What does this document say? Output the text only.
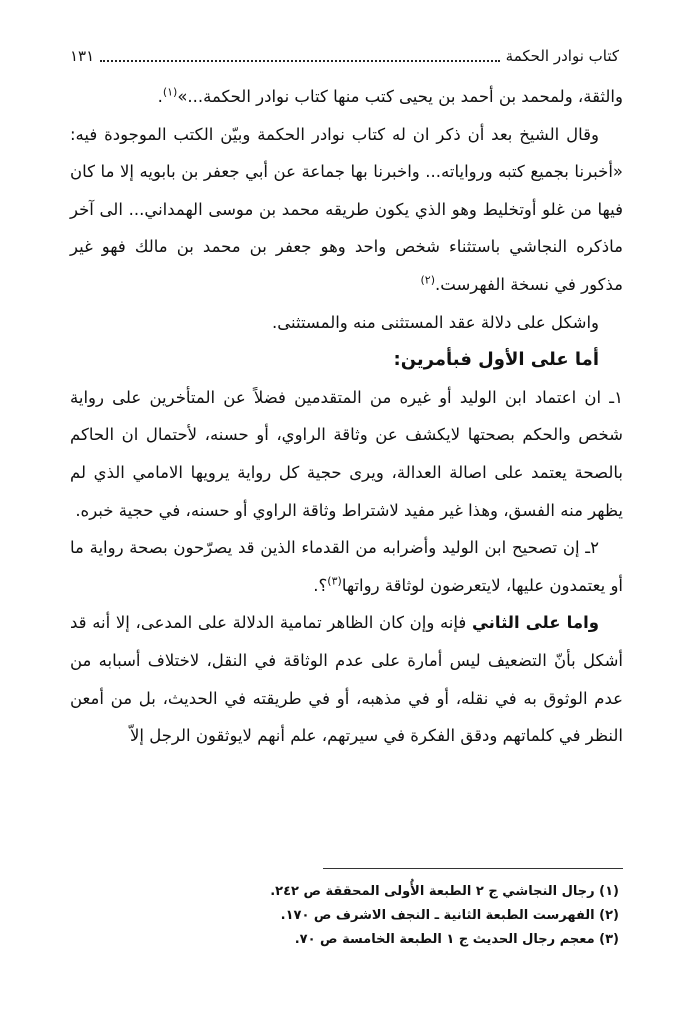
كتاب نوادر الحكمة
١٣١

والثقة، ولمحمد بن أحمد بن يحيى كتب منها كتاب نوادر الحكمة...»$^{(١)}$.

وقال الشيخ بعد أن ذكر ان له كتاب نوادر الحكمة وبيّن الكتب الموجودة فيه: «أخبرنا بجميع كتبه ورواياته... واخبرنا بها جماعة عن أبي جعفر بن بابويه إلا ما كان فيها من غلو أوتخليط وهو الذي يكون طريقه محمد بن موسى الهمداني... الى آخر ماذكره النجاشي باستثناء شخص واحد وهو جعفر بن محمد بن مالك فهو غير مذكور في نسخة الفهرست.$^{(٢)}$

واشكل على دلالة عقد المستثنى منه والمستثنى.

أما على الأول فبأمرين:

١ـ ان اعتماد ابن الوليد أو غيره من المتقدمين فضلاً عن المتأخرين على رواية شخص والحكم بصحتها لايكشف عن وثاقة الراوي، أو حسنه، لأحتمال ان الحاكم بالصحة يعتمد على اصالة العدالة، ويرى حجية كل رواية يرويها الامامي الذي لم يظهر منه الفسق، وهذا غير مفيد لاشتراط وثاقة الراوي أو حسنه، في حجية خبره.

٢ـ إن تصحيح ابن الوليد وأضرابه من القدماء الذين قد يصرّحون بصحة رواية ما أو يعتمدون عليها، لايتعرضون لوثاقة رواتها$^{(٣)}$؟.

واما على الثاني فإنه وإن كان الظاهر تمامية الدلالة على المدعى، إلا أنه قد أشكل بأنّ التضعيف ليس أمارة على عدم الوثاقة في النقل، لاختلاف أسبابه من عدم الوثوق به في نقله، أو في مذهبه، أو في طريقته في الحديث، بل من أمعن النظر في كلماتهم ودقق الفكرة في سيرتهم، علم أنهم لايوثقون الرجل إلاّ

(١) رجال النجاشي ج ٢ الطبعة الأُولى المحققة ص ٢٤٢.

(٢) الفهرست الطبعة الثانية ـ النجف الاشرف ص ١٧٠.

(٣) معجم رجال الحديث ج ١ الطبعة الخامسة ص ٧٠.
